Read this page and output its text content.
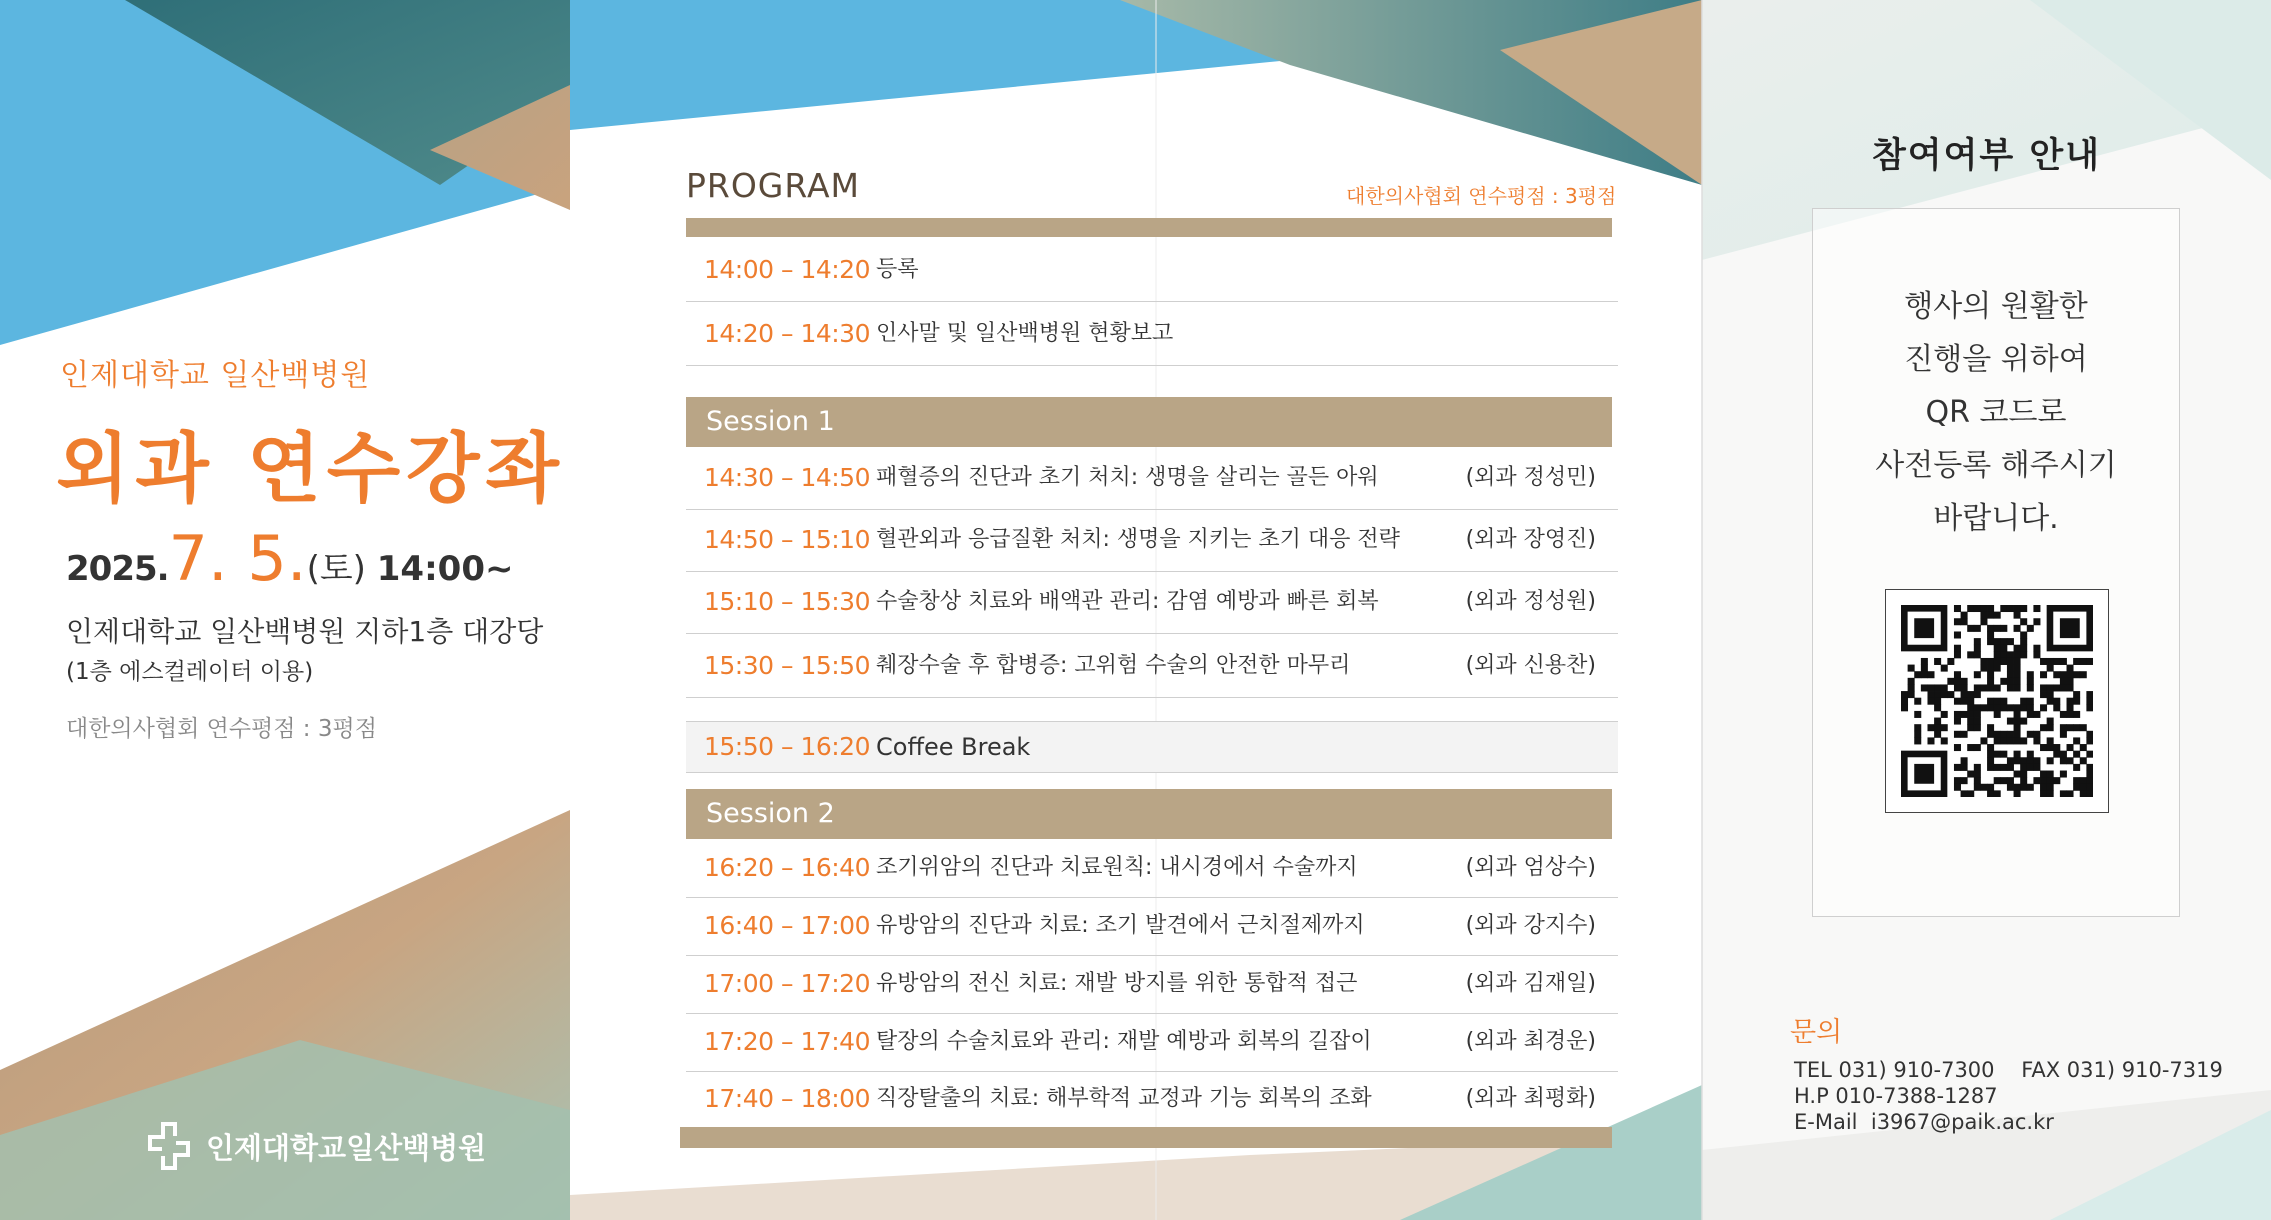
인제대학교 일산백병원
외과 연수강좌
2025.7. 5.(토) 14:00~
인제대학교 일산백병원 지하1층 대강당
(1층 에스컬레이터 이용)
대한의사협회 연수평점 : 3평점
인제대학교일산백병원
PROGRAM	대한의사협회 연수평점 : 3평점
14:00 – 14:20 등록
14:20 – 14:30 인사말 및 일산백병원 현황보고
Session 1
14:30 – 14:50 패혈증의 진단과 초기 처치: 생명을 살리는 골든 아워	(외과 정성민)
14:50 – 15:10 혈관외과 응급질환 처치: 생명을 지키는 초기 대응 전략	(외과 장영진)
15:10 – 15:30 수술창상 치료와 배액관 관리: 감염 예방과 빠른 회복	(외과 정성원)
15:30 – 15:50 췌장수술 후 합병증: 고위험 수술의 안전한 마무리	(외과 신용찬)
15:50 – 16:20 Coffee Break
Session 2
16:20 – 16:40 조기위암의 진단과 치료원칙: 내시경에서 수술까지	(외과 엄상수)
16:40 – 17:00 유방암의 진단과 치료: 조기 발견에서 근치절제까지	(외과 강지수)
17:00 – 17:20 유방암의 전신 치료: 재발 방지를 위한 통합적 접근	(외과 김재일)
17:20 – 17:40 탈장의 수술치료와 관리: 재발 예방과 회복의 길잡이	(외과 최경운)
17:40 – 18:00 직장탈출의 치료: 해부학적 교정과 기능 회복의 조화	(외과 최평화)
참여여부 안내
행사의 원활한
진행을 위하여
QR 코드로
사전등록 해주시기
바랍니다.
문의
TEL 031) 910-7300    FAX 031) 910-7319
H.P 010-7388-1287
E-Mail  i3967@paik.ac.kr
